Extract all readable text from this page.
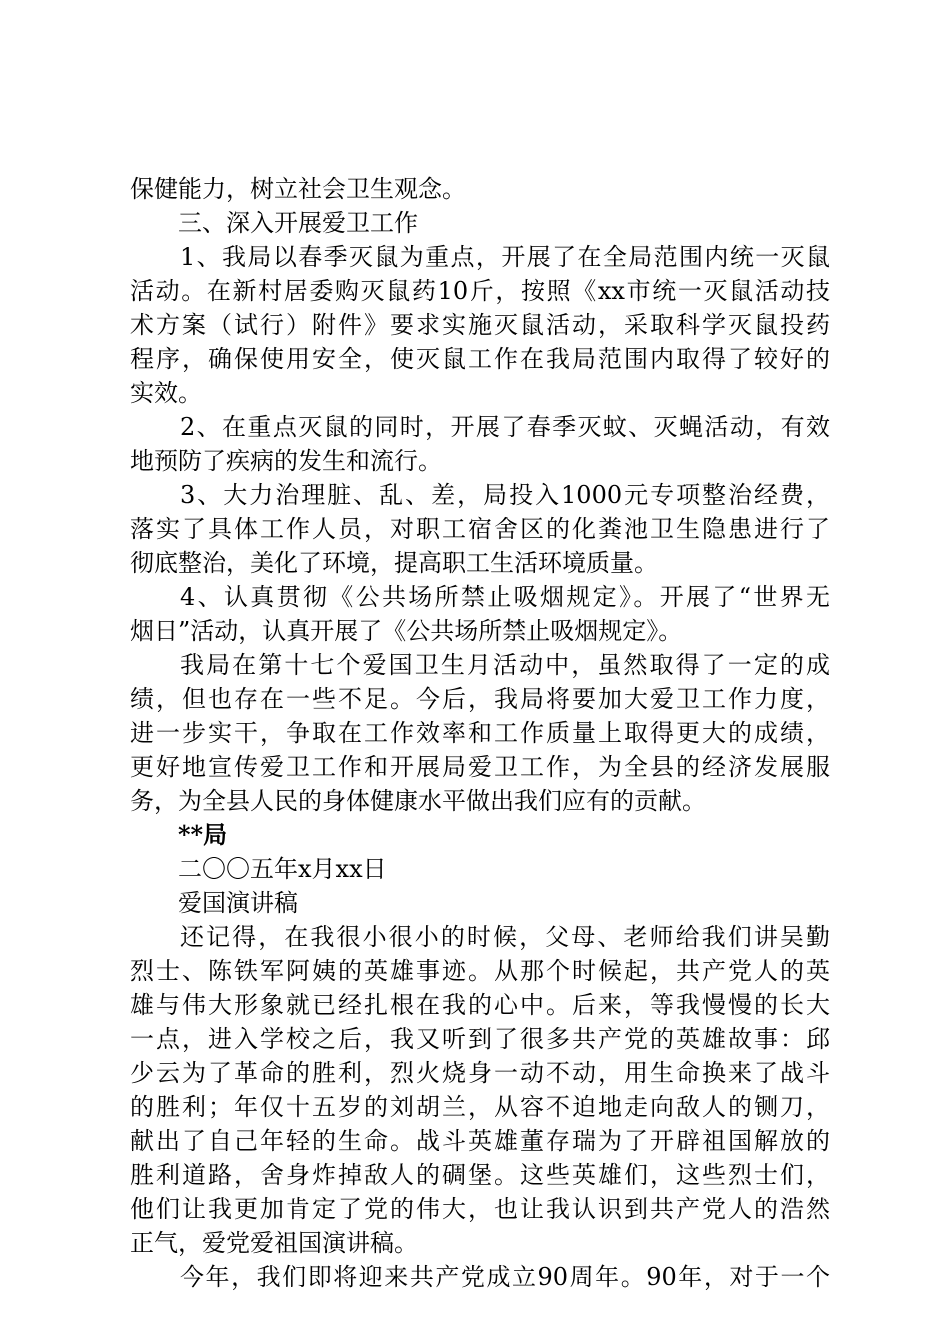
保健能力，树立社会卫生观念。
三、深入开展爱卫工作
1、我局以春季灭鼠为重点，开展了在全局范围内统一灭鼠
活动。在新村居委购灭鼠药10斤，按照《xx市统一灭鼠活动技
术方案（试行）附件》要求实施灭鼠活动，采取科学灭鼠投药
程序，确保使用安全，使灭鼠工作在我局范围内取得了较好的
实效。
2、在重点灭鼠的同时，开展了春季灭蚊、灭蝇活动，有效
地预防了疾病的发生和流行。
3、大力治理脏、乱、差，局投入1000元专项整治经费，
落实了具体工作人员，对职工宿舍区的化粪池卫生隐患进行了
彻底整治，美化了环境，提高职工生活环境质量。
4、认真贯彻《公共场所禁止吸烟规定》。开展了“世界无
烟日”活动，认真开展了《公共场所禁止吸烟规定》。
我局在第十七个爱国卫生月活动中，虽然取得了一定的成
绩，但也存在一些不足。今后，我局将要加大爱卫工作力度，
进一步实干，争取在工作效率和工作质量上取得更大的成绩，
更好地宣传爱卫工作和开展局爱卫工作，为全县的经济发展服
务，为全县人民的身体健康水平做出我们应有的贡献。
**局
二〇〇五年x月xx日
爱国演讲稿
还记得，在我很小很小的时候，父母、老师给我们讲吴勤
烈士、陈铁军阿姨的英雄事迹。从那个时候起，共产党人的英
雄与伟大形象就已经扎根在我的心中。后来，等我慢慢的长大
一点，进入学校之后，我又听到了很多共产党的英雄故事：邱
少云为了革命的胜利，烈火烧身一动不动，用生命换来了战斗
的胜利；年仅十五岁的刘胡兰，从容不迫地走向敌人的铡刀，
献出了自己年轻的生命。战斗英雄董存瑞为了开辟祖国解放的
胜利道路，舍身炸掉敌人的碉堡。这些英雄们，这些烈士们，
他们让我更加肯定了党的伟大，也让我认识到共产党人的浩然
正气，爱党爱祖国演讲稿。
今年，我们即将迎来共产党成立90周年。90年，对于一个
